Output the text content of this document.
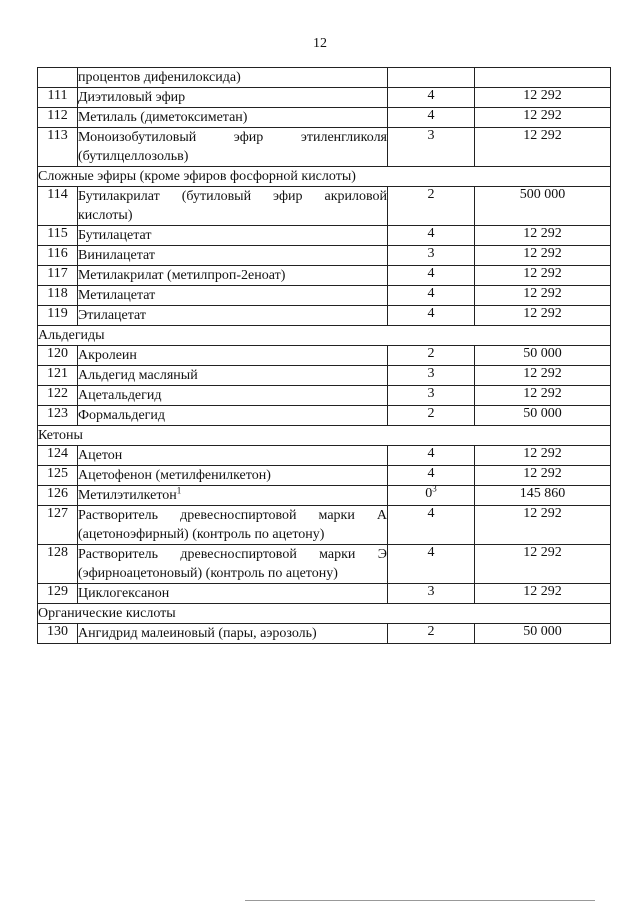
12
	процентов дифенилоксида)		
111	Диэтиловый эфир	4	12 292
112	Метилаль (диметоксиметан)	4	12 292
113	Моноизобутиловый эфир этиленгликоля (бутилцеллозольв)	3	12 292
Сложные эфиры (кроме эфиров фосфорной кислоты)			
114	Бутилакрилат (бутиловый эфир акриловой кислоты)	2	500 000
115	Бутилацетат	4	12 292
116	Винилацетат	3	12 292
117	Метилакрилат (метилпроп-2еноат)	4	12 292
118	Метилацетат	4	12 292
119	Этилацетат	4	12 292
Альдегиды			
120	Акролеин	2	50 000
121	Альдегид масляный	3	12 292
122	Ацетальдегид	3	12 292
123	Формальдегид	2	50 000
Кетоны			
124	Ацетон	4	12 292
125	Ацетофенон (метилфенилкетон)	4	12 292
126	Метилэтилкетон$^1$	$0^3$	145 860
127	Растворитель древесноспиртовой марки А (ацетоноэфирный) (контроль по ацетону)	4	12 292
128	Растворитель древесноспиртовой марки Э (эфирноацетоновый) (контроль по ацетону)	4	12 292
129	Циклогексанон	3	12 292
Органические кислоты			
130	Ангидрид малеиновый (пары, аэрозоль)	2	50 000
